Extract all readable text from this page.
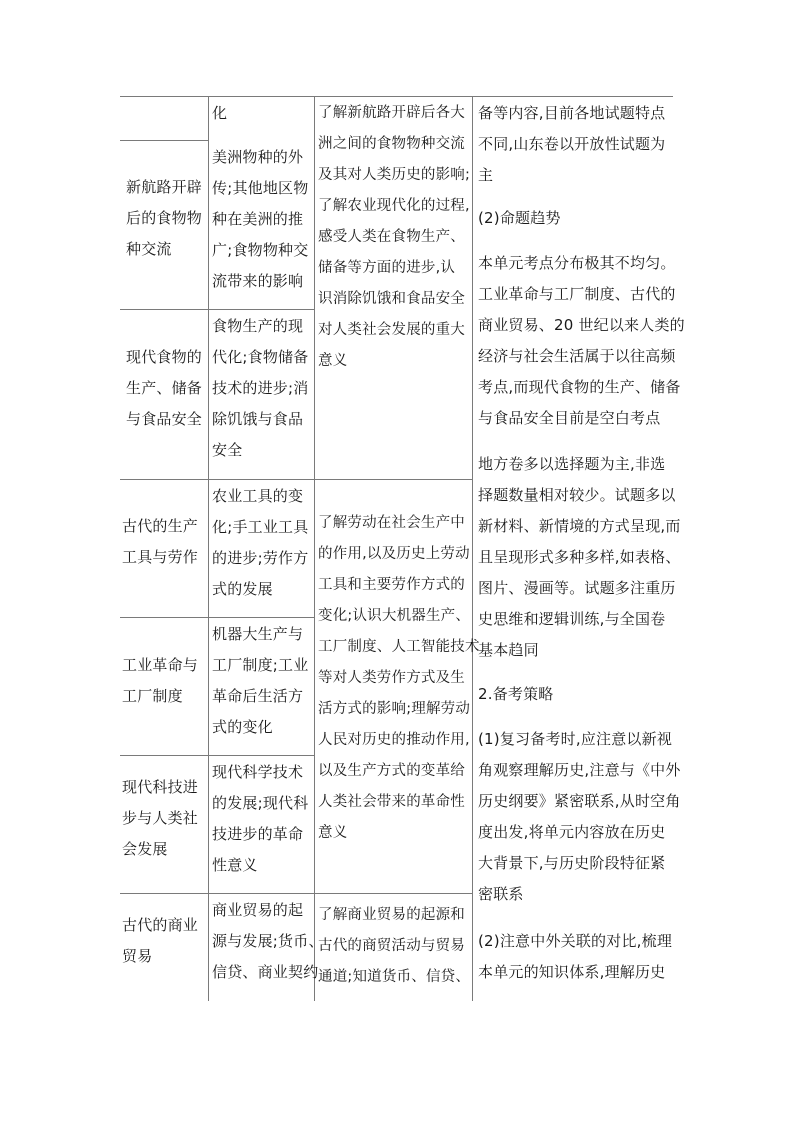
化
新航路开辟
后的食物物
种交流
美洲物种的外
传;其他地区物
种在美洲的推
广;食物物种交
流带来的影响
现代食物的
生产、储备
与食品安全
食物生产的现
代化;食物储备
技术的进步;消
除饥饿与食品
安全
古代的生产
工具与劳作
农业工具的变
化;手工业工具
的进步;劳作方
式的发展
工业革命与
工厂制度
机器大生产与
工厂制度;工业
革命后生活方
式的变化
现代科技进
步与人类社
会发展
现代科学技术
的发展;现代科
技进步的革命
性意义
古代的商业
贸易
商业贸易的起
源与发展;货币、
信贷、商业契约
了解新航路开辟后各大
洲之间的食物物种交流
及其对人类历史的影响;
了解农业现代化的过程,
感受人类在食物生产、
储备等方面的进步,认
识消除饥饿和食品安全
对人类社会发展的重大
意义
了解劳动在社会生产中
的作用,以及历史上劳动
工具和主要劳作方式的
变化;认识大机器生产、
工厂制度、人工智能技术
等对人类劳作方式及生
活方式的影响;理解劳动
人民对历史的推动作用,
以及生产方式的变革给
人类社会带来的革命性
意义
了解商业贸易的起源和
古代的商贸活动与贸易
通道;知道货币、信贷、
备等内容,目前各地试题特点
不同,山东卷以开放性试题为
主
(2)命题趋势
本单元考点分布极其不均匀。
工业革命与工厂制度、古代的
商业贸易、20 世纪以来人类的
经济与社会生活属于以往高频
考点,而现代食物的生产、储备
与食品安全目前是空白考点
地方卷多以选择题为主,非选
择题数量相对较少。试题多以
新材料、新情境的方式呈现,而
且呈现形式多种多样,如表格、
图片、漫画等。试题多注重历
史思维和逻辑训练,与全国卷
基本趋同
2.备考策略
(1)复习备考时,应注意以新视
角观察理解历史,注意与《中外
历史纲要》紧密联系,从时空角
度出发,将单元内容放在历史
大背景下,与历史阶段特征紧
密联系
(2)注意中外关联的对比,梳理
本单元的知识体系,理解历史
